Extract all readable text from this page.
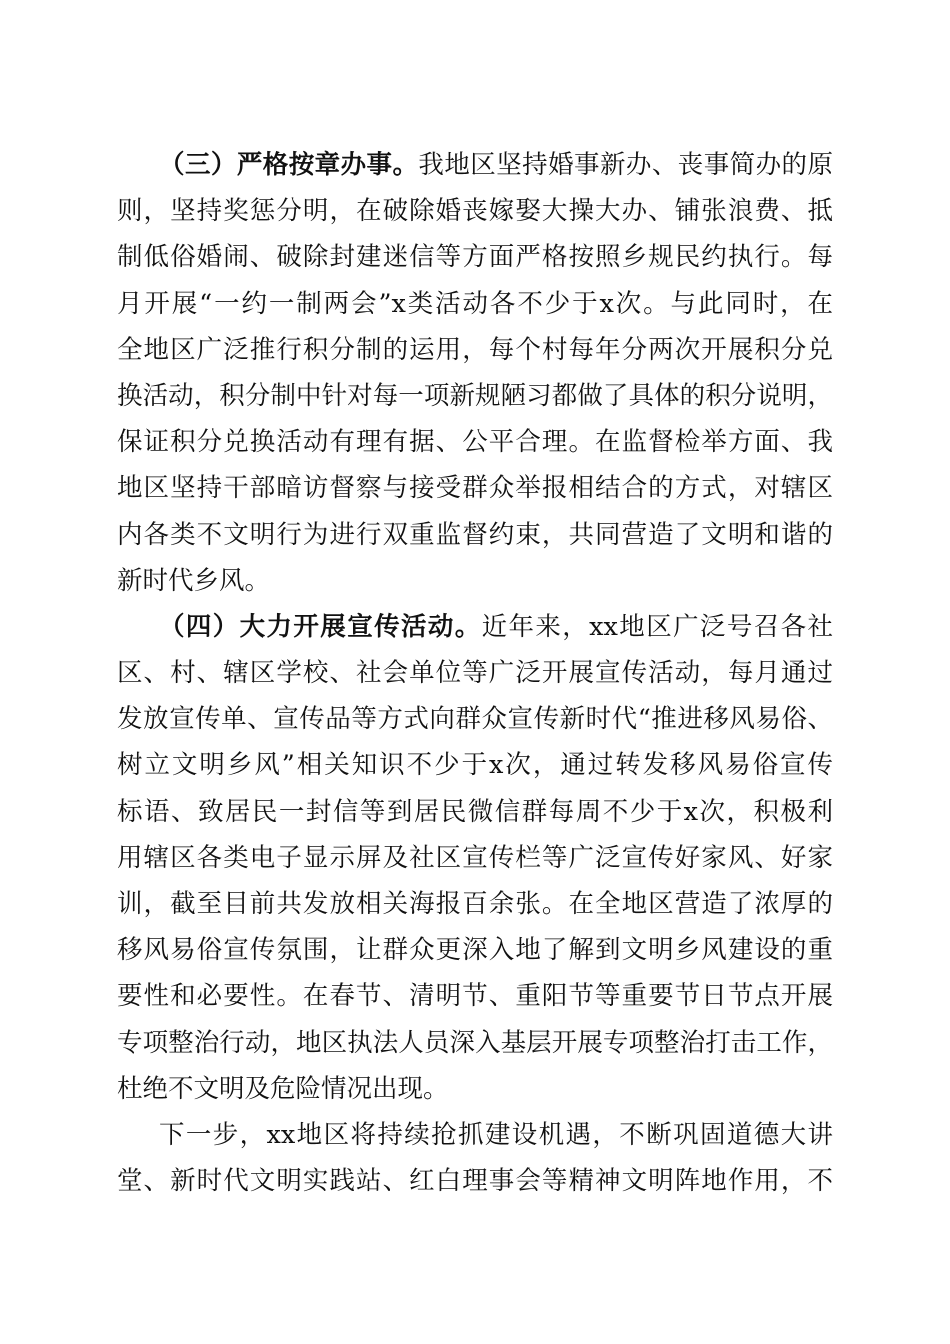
（三）严格按章办事。我地区坚持婚事新办、丧事简办的原
则，坚持奖惩分明，在破除婚丧嫁娶大操大办、铺张浪费、抵
制低俗婚闹、破除封建迷信等方面严格按照乡规民约执行。每
月开展“一约一制两会”x类活动各不少于x次。与此同时，在
全地区广泛推行积分制的运用，每个村每年分两次开展积分兑
换活动，积分制中针对每一项新规陋习都做了具体的积分说明，
保证积分兑换活动有理有据、公平合理。在监督检举方面、我
地区坚持干部暗访督察与接受群众举报相结合的方式，对辖区
内各类不文明行为进行双重监督约束，共同营造了文明和谐的
新时代乡风。
（四）大力开展宣传活动。近年来，xx地区广泛号召各社
区、村、辖区学校、社会单位等广泛开展宣传活动，每月通过
发放宣传单、宣传品等方式向群众宣传新时代“推进移风易俗、
树立文明乡风”相关知识不少于x次，通过转发移风易俗宣传
标语、致居民一封信等到居民微信群每周不少于x次，积极利
用辖区各类电子显示屏及社区宣传栏等广泛宣传好家风、好家
训，截至目前共发放相关海报百余张。在全地区营造了浓厚的
移风易俗宣传氛围，让群众更深入地了解到文明乡风建设的重
要性和必要性。在春节、清明节、重阳节等重要节日节点开展
专项整治行动，地区执法人员深入基层开展专项整治打击工作，
杜绝不文明及危险情况出现。
下一步，xx地区将持续抢抓建设机遇，不断巩固道德大讲
堂、新时代文明实践站、红白理事会等精神文明阵地作用，不
